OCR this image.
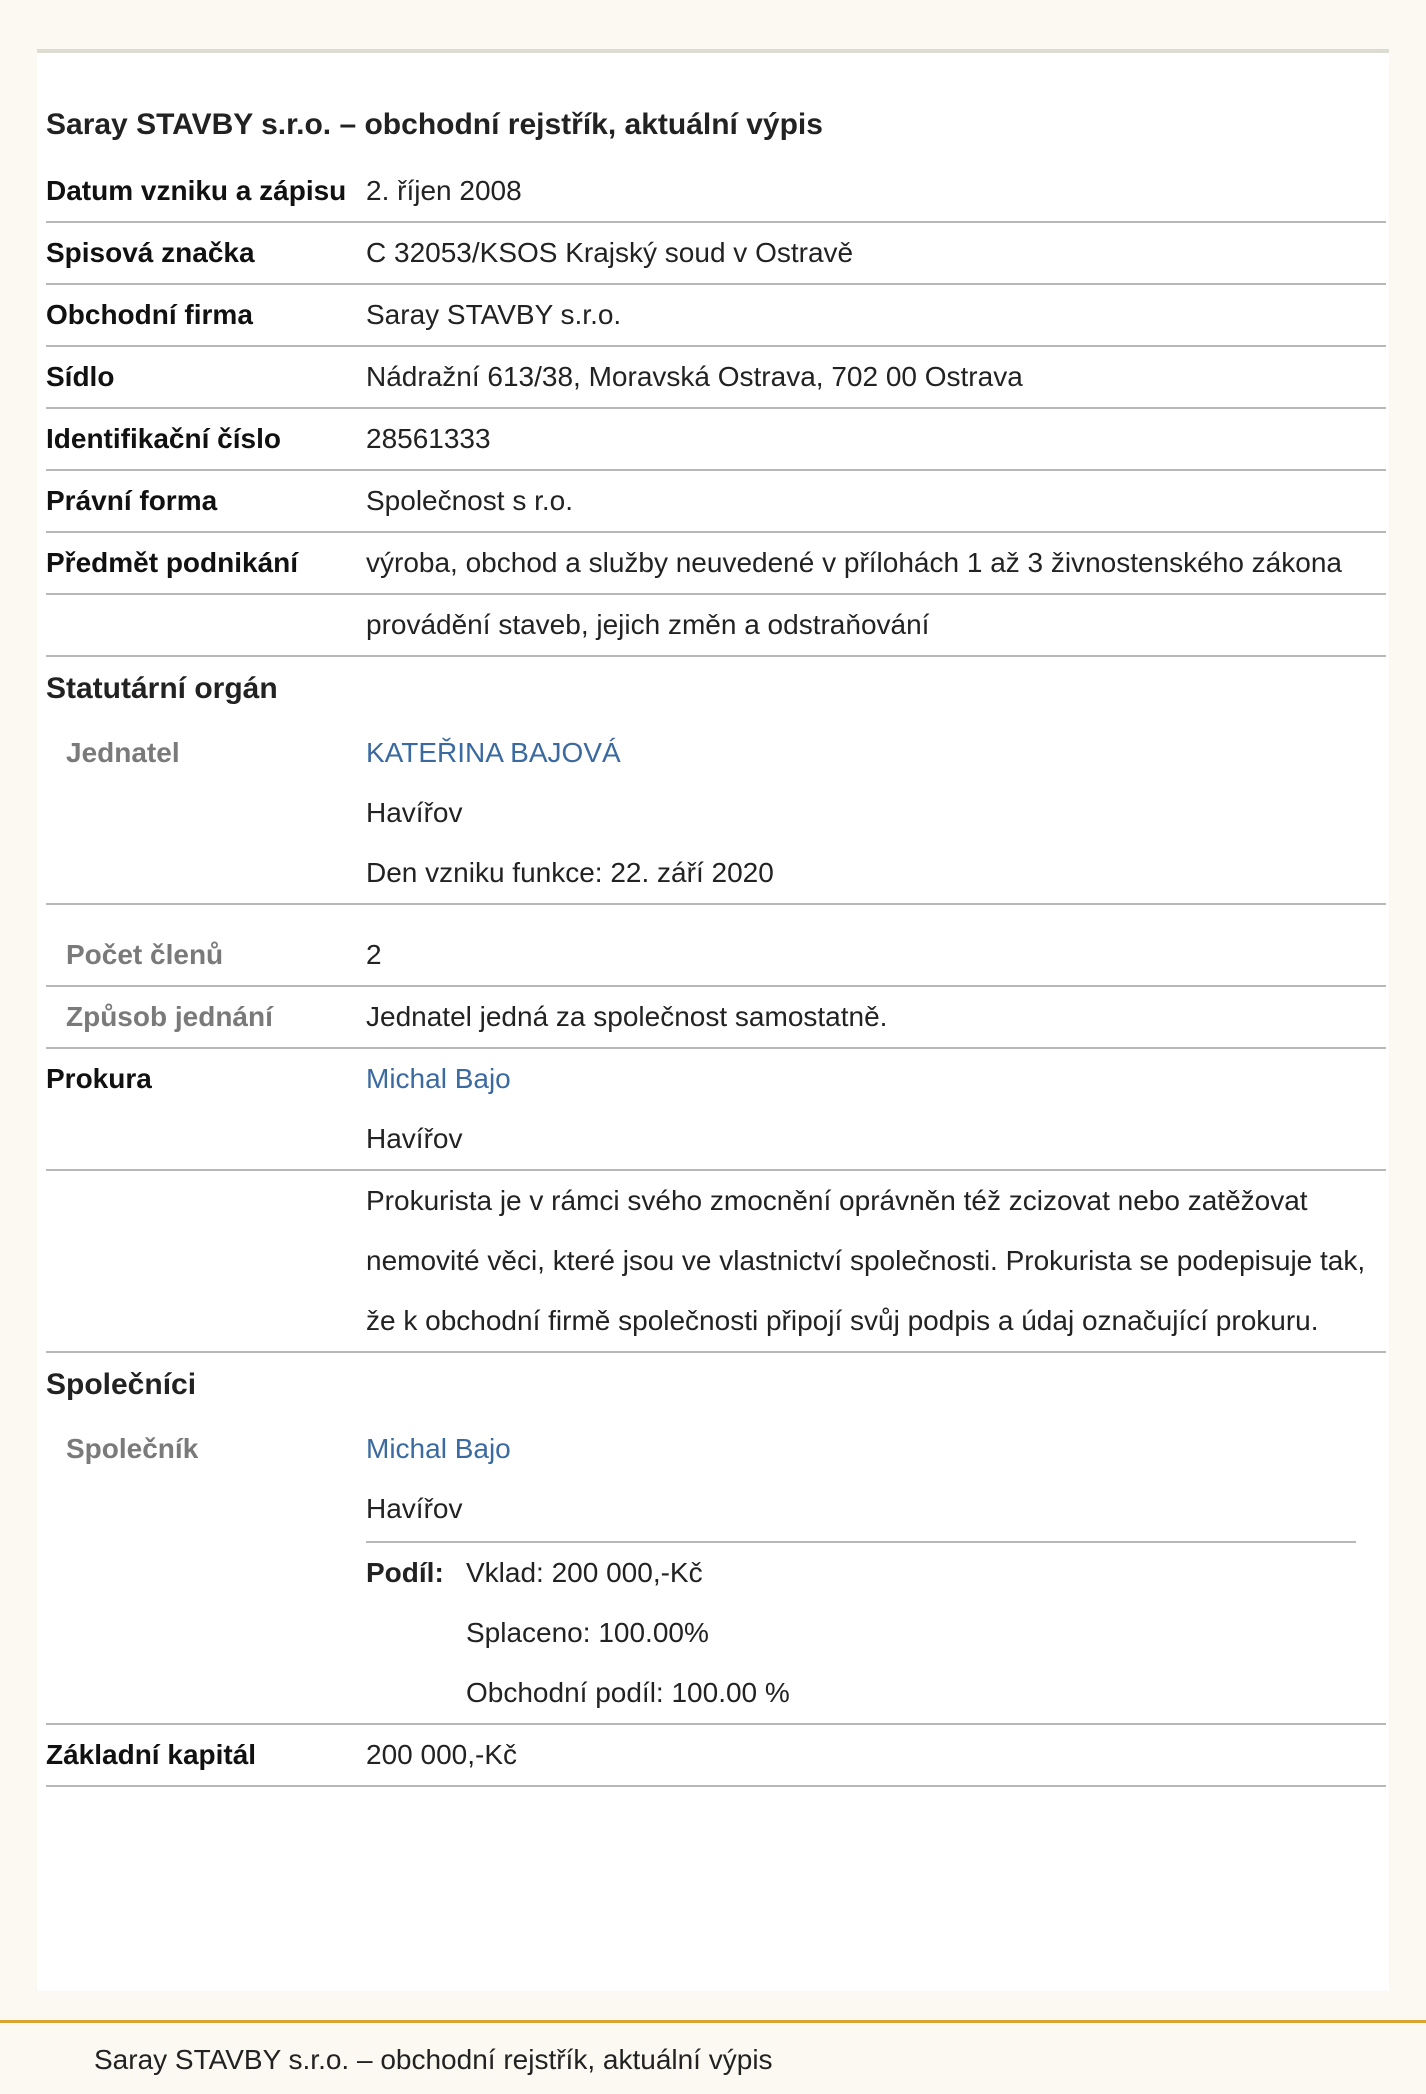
Saray STAVBY s.r.o. – obchodní rejstřík, aktuální výpis
Datum vzniku a zápisu 2. říjen 2008
Spisová značka	C 32053/KSOS Krajský soud v Ostravě
Obchodní firma	Saray STAVBY s.r.o.
Sídlo	Nádražní 613/38, Moravská Ostrava, 702 00 Ostrava
Identifikační číslo	28561333
Právní forma	Společnost s r.o.
Předmět podnikání	výroba, obchod a služby neuvedené v přílohách 1 až 3 živnostenského zákona
provádění staveb, jejich změn a odstraňování
Statutární orgán
Jednatel	KATEŘINA BAJOVÁ
Havířov
Den vzniku funkce: 22. září 2020
Počet členů	2
Způsob jednání	Jednatel jedná za společnost samostatně.
Prokura	Michal Bajo
Havířov
Prokurista je v rámci svého zmocnění oprávněn též zcizovat nebo zatěžovat nemovité věci, které jsou ve vlastnictví společnosti. Prokurista se podepisuje tak, že k obchodní firmě společnosti připojí svůj podpis a údaj označující prokuru.
Společníci
Společník	Michal Bajo
Havířov
Podíl: Vklad: 200 000,-Kč
Splaceno: 100.00%
Obchodní podíl: 100.00 %
Základní kapitál	200 000,-Kč
Saray STAVBY s.r.o. – obchodní rejstřík, aktuální výpis
